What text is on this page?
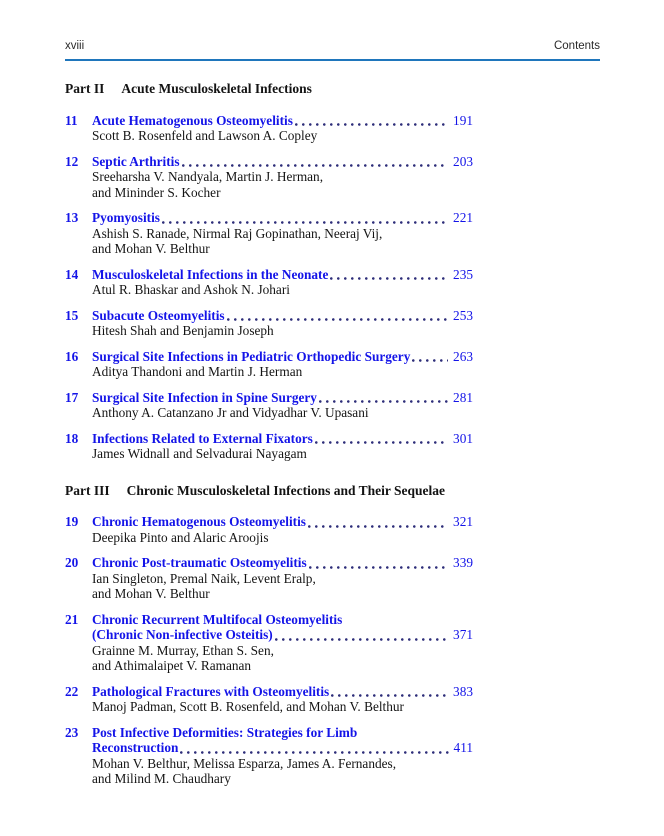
xviii	Contents
Part II Acute Musculoskeletal Infections
11	Acute Hematogenous Osteomyelitis	191
Scott B. Rosenfeld and Lawson A. Copley
12	Septic Arthritis	203
Sreeharsha V. Nandyala, Martin J. Herman,
and Mininder S. Kocher
13	Pyomyositis	221
Ashish S. Ranade, Nirmal Raj Gopinathan, Neeraj Vij,
and Mohan V. Belthur
14	Musculoskeletal Infections in the Neonate	235
Atul R. Bhaskar and Ashok N. Johari
15	Subacute Osteomyelitis	253
Hitesh Shah and Benjamin Joseph
16	Surgical Site Infections in Pediatric Orthopedic Surgery	263
Aditya Thandoni and Martin J. Herman
17	Surgical Site Infection in Spine Surgery	281
Anthony A. Catanzano Jr and Vidyadhar V. Upasani
18	Infections Related to External Fixators	301
James Widnall and Selvadurai Nayagam
Part III Chronic Musculoskeletal Infections and Their Sequelae
19	Chronic Hematogenous Osteomyelitis	321
Deepika Pinto and Alaric Aroojis
20	Chronic Post-traumatic Osteomyelitis	339
Ian Singleton, Premal Naik, Levent Eralp,
and Mohan V. Belthur
21	Chronic Recurrent Multifocal Osteomyelitis
(Chronic Non-infective Osteitis)	371
Grainne M. Murray, Ethan S. Sen,
and Athimalaipet V. Ramanan
22	Pathological Fractures with Osteomyelitis	383
Manoj Padman, Scott B. Rosenfeld, and Mohan V. Belthur
23	Post Infective Deformities: Strategies for Limb
Reconstruction	411
Mohan V. Belthur, Melissa Esparza, James A. Fernandes,
and Milind M. Chaudhary
